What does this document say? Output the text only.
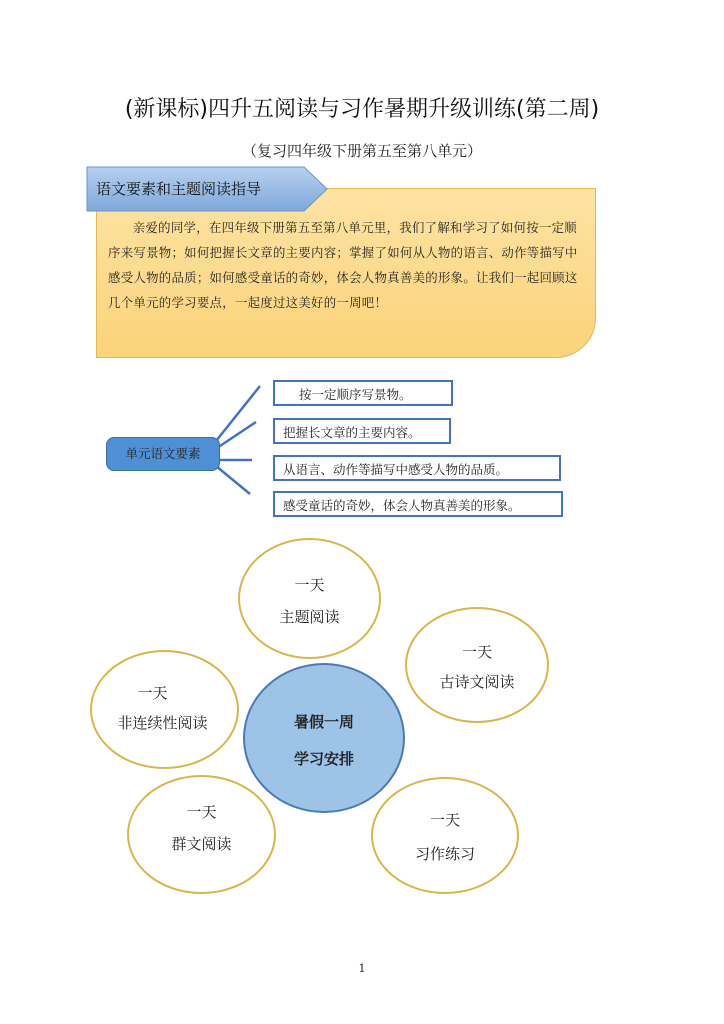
(新课标)四升五阅读与习作暑期升级训练(第二周)
（复习四年级下册第五至第八单元）
语文要素和主题阅读指导
亲爱的同学，在四年级下册第五至第八单元里，我们了解和学习了如何按一定顺序来写景物；如何把握长文章的主要内容；掌握了如何从人物的语言、动作等描写中感受人物的品质；如何感受童话的奇妙，体会人物真善美的形象。让我们一起回顾这几个单元的学习要点，一起度过这美好的一周吧！
单元语文要素
按一定顺序写景物。
把握长文章的主要内容。
从语言、动作等描写中感受人物的品质。
感受童话的奇妙，体会人物真善美的形象。
一天
主题阅读
一天
古诗文阅读
一天
非连续性阅读
一天
群文阅读
一天
习作练习
暑假一周
学习安排
1
